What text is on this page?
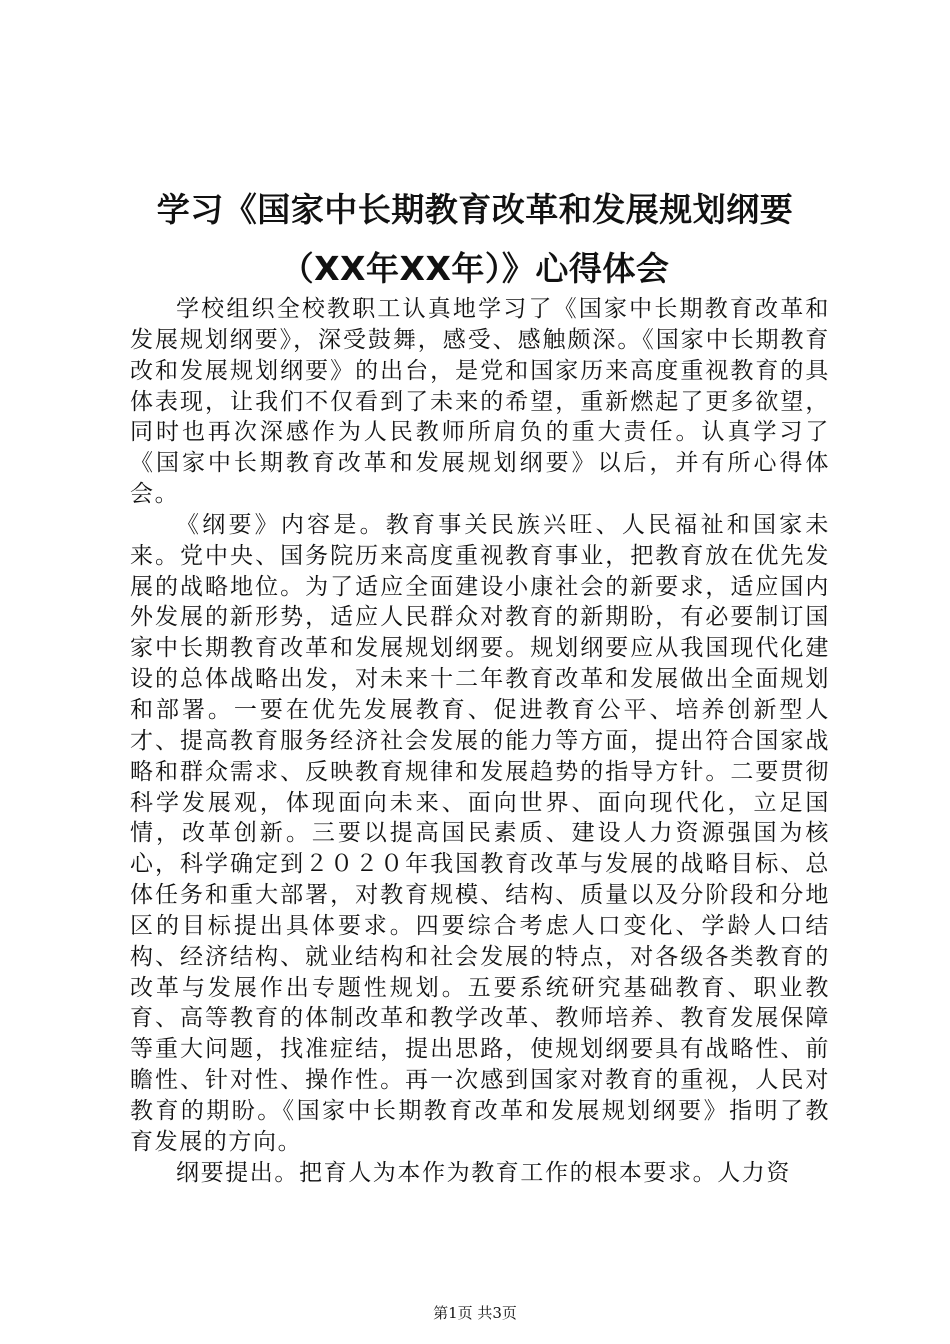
学习《国家中长期教育改革和发展规划纲要
（XX年XX年）》心得体会

学校组织全校教职工认真地学习了《国家中长期教育改革和发展规划纲要》，深受鼓舞，感受、感触颇深。《国家中长期教育改和发展规划纲要》的出台，是党和国家历来高度重视教育的具体表现，让我们不仅看到了未来的希望，重新燃起了更多欲望，同时也再次深感作为人民教师所肩负的重大责任。认真学习了《国家中长期教育改革和发展规划纲要》以后，并有所心得体会。

《纲要》内容是。教育事关民族兴旺、人民福祉和国家未来。党中央、国务院历来高度重视教育事业，把教育放在优先发展的战略地位。为了适应全面建设小康社会的新要求，适应国内外发展的新形势，适应人民群众对教育的新期盼，有必要制订国家中长期教育改革和发展规划纲要。规划纲要应从我国现代化建设的总体战略出发，对未来十二年教育改革和发展做出全面规划和部署。一要在优先发展教育、促进教育公平、培养创新型人才、提高教育服务经济社会发展的能力等方面，提出符合国家战略和群众需求、反映教育规律和发展趋势的指导方针。二要贯彻科学发展观，体现面向未来、面向世界、面向现代化，立足国情，改革创新。三要以提高国民素质、建设人力资源强国为核心，科学确定到２０２０年我国教育改革与发展的战略目标、总体任务和重大部署，对教育规模、结构、质量以及分阶段和分地区的目标提出具体要求。四要综合考虑人口变化、学龄人口结构、经济结构、就业结构和社会发展的特点，对各级各类教育的改革与发展作出专题性规划。五要系统研究基础教育、职业教育、高等教育的体制改革和教学改革、教师培养、教育发展保障等重大问题，找准症结，提出思路，使规划纲要具有战略性、前瞻性、针对性、操作性。再一次感到国家对教育的重视，人民对教育的期盼。《国家中长期教育改革和发展规划纲要》指明了教育发展的方向。

纲要提出。把育人为本作为教育工作的根本要求。人力资

第1页 共3页
